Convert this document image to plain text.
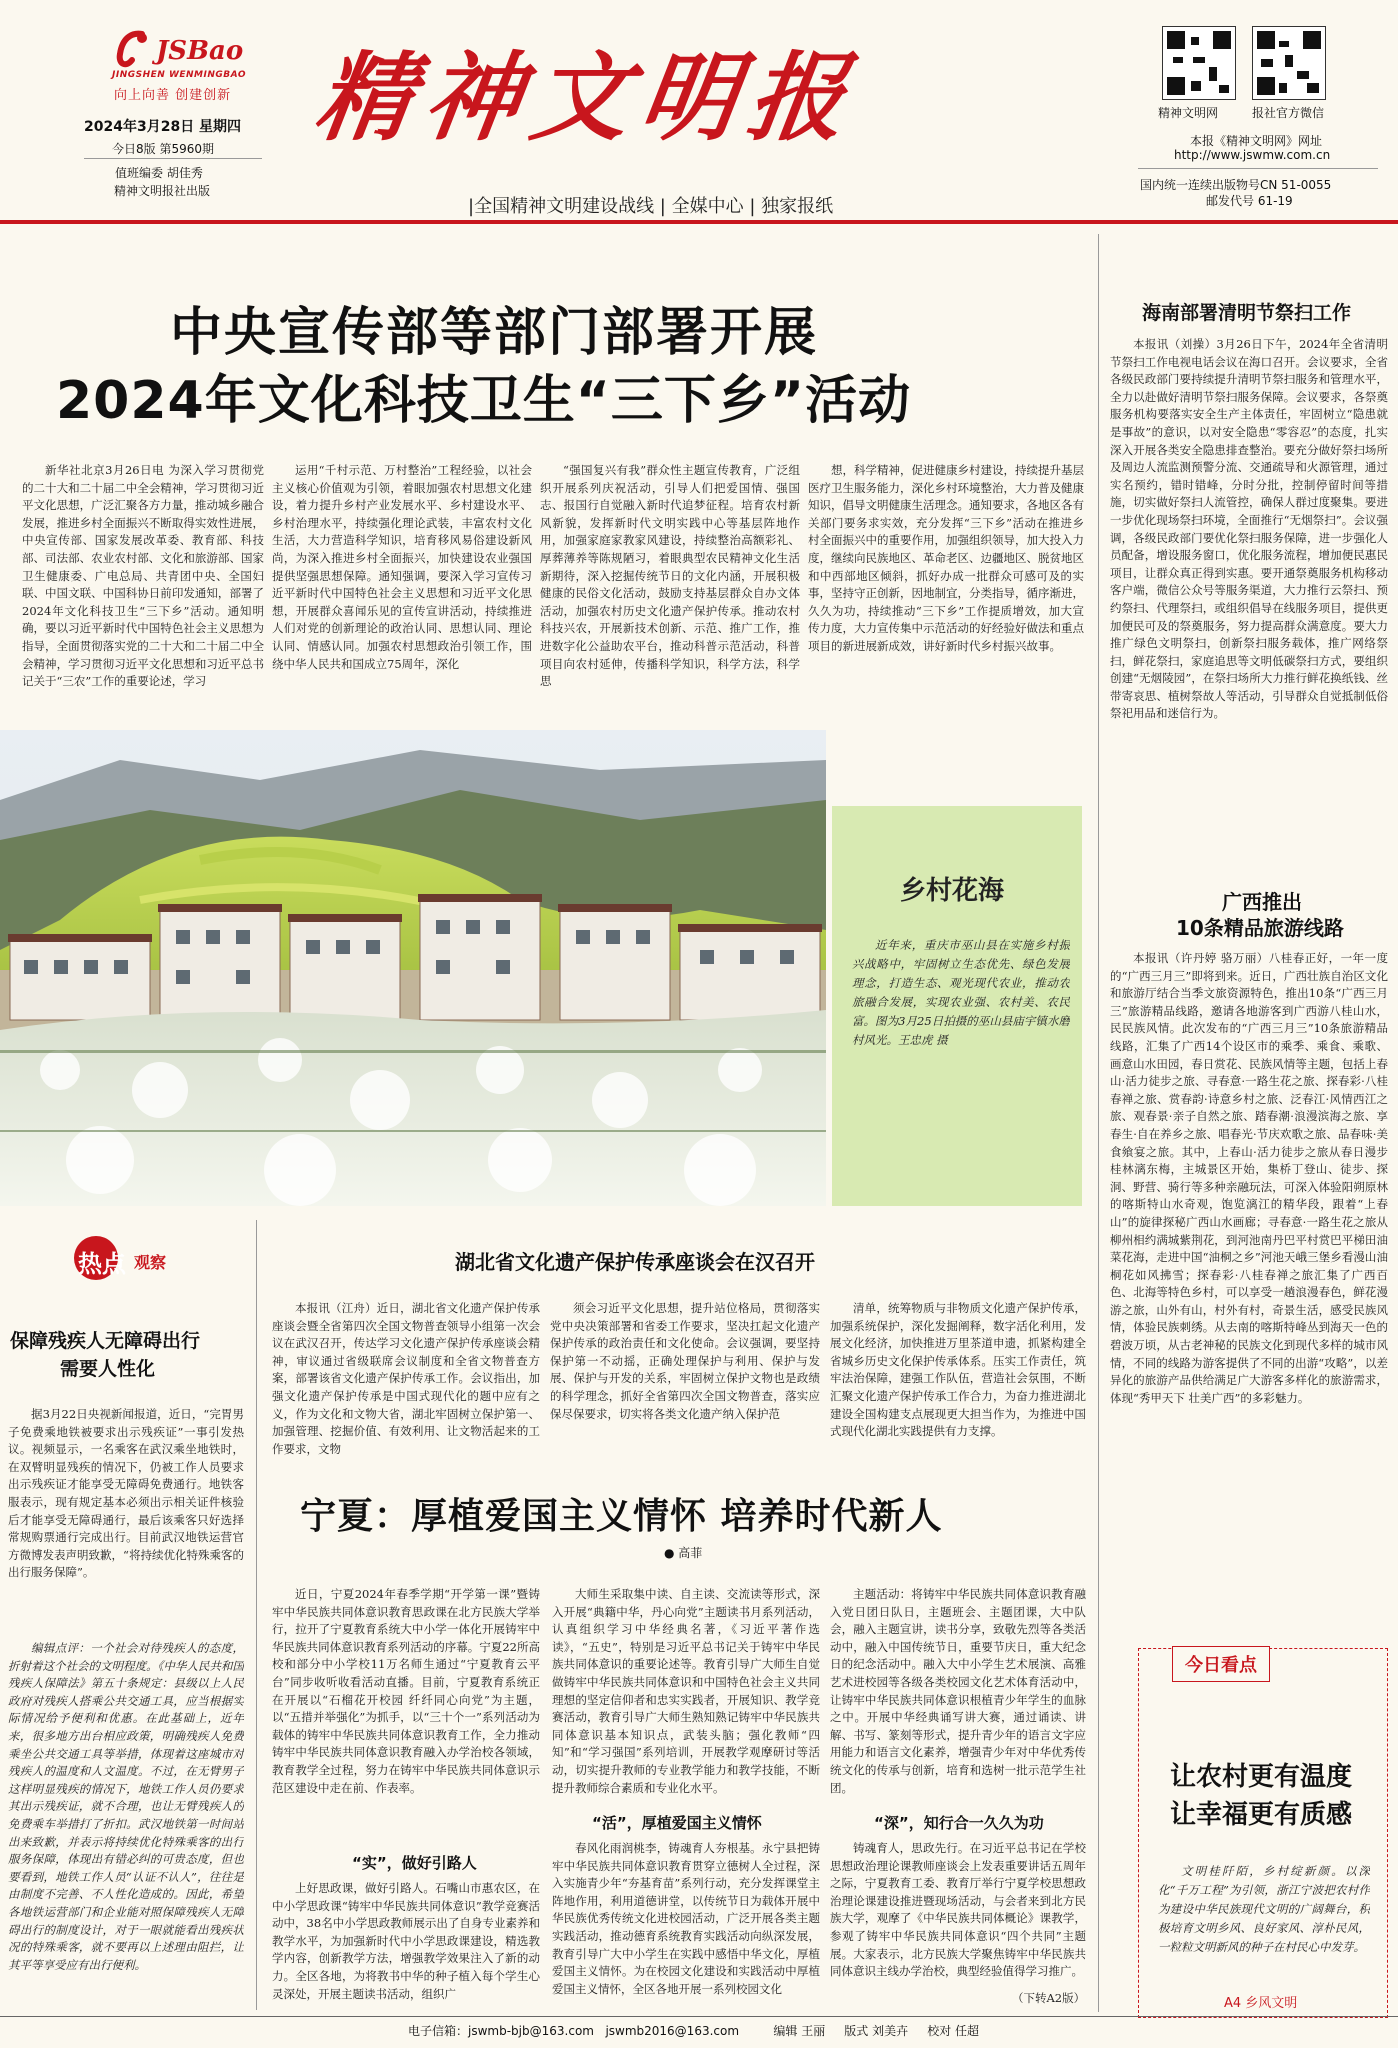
JSBao
JINGSHEN WENMINGBAO
向上向善 创建创新
2024年3月28日 星期四
今日8版 第5960期
值班编委 胡佳秀
精神文明报社出版
精神文明报
|全国精神文明建设战线 | 全媒中心 | 独家报纸
精神文明网	报社官方微信
本报《精神文明网》网址
http://www.jswmw.com.cn
国内统一连续出版物号CN 51-0055
邮发代号 61-19
中央宣传部等部门部署开展
2024年文化科技卫生“三下乡”活动
新华社北京3月26日电 为深入学习贯彻党的二十大和二十届二中全会精神，学习贯彻习近平文化思想，广泛汇聚各方力量，推动城乡融合发展，推进乡村全面振兴不断取得实效性进展，中央宣传部、国家发展改革委、教育部、科技部、司法部、农业农村部、文化和旅游部、国家卫生健康委、广电总局、共青团中央、全国妇联、中国文联、中国科协日前印发通知，部署了2024年文化科技卫生“三下乡”活动。通知明确，要以习近平新时代中国特色社会主义思想为指导，全面贯彻落实党的二十大和二十届二中全会精神，学习贯彻习近平文化思想和习近平总书记关于“三农”工作的重要论述，学习
运用“千村示范、万村整治”工程经验，以社会主义核心价值观为引领，着眼加强农村思想文化建设，着力提升乡村产业发展水平、乡村建设水平、乡村治理水平，持续强化理论武装，丰富农村文化生活，大力营造科学知识，培育移风易俗建设新风尚，为深入推进乡村全面振兴，加快建设农业强国提供坚强思想保障。通知强调，要深入学习宣传习近平新时代中国特色社会主义思想和习近平文化思想，开展群众喜闻乐见的宣传宣讲活动，持续推进人们对党的创新理论的政治认同、思想认同、理论认同、情感认同。加强农村思想政治引领工作，围绕中华人民共和国成立75周年，深化
“强国复兴有我”群众性主题宣传教育，广泛组织开展系列庆祝活动，引导人们把爱国情、强国志、报国行自觉融入新时代追梦征程。培育农村新风新貌，发挥新时代文明实践中心等基层阵地作用，加强家庭家教家风建设，持续整治高额彩礼、厚葬薄养等陈规陋习，着眼典型农民精神文化生活新期待，深入挖掘传统节日的文化内涵，开展积极健康的民俗文化活动，鼓励支持基层群众自办文体活动，加强农村历史文化遗产保护传承。推动农村科技兴农，开展新技术创新、示范、推广工作，推进数字化公益助农平台，推动科普示范活动，科普项目向农村延伸，传播科学知识，科学方法，科学思
想，科学精神，促进健康乡村建设，持续提升基层医疗卫生服务能力，深化乡村环境整治，大力普及健康知识，倡导文明健康生活理念。通知要求，各地区各有关部门要务求实效，充分发挥“三下乡”活动在推进乡村全面振兴中的重要作用，加强组织领导，加大投入力度，继续向民族地区、革命老区、边疆地区、脱贫地区和中西部地区倾斜，抓好办成一批群众可感可及的实事，坚持守正创新，因地制宜，分类指导，循序渐进，久久为功，持续推动“三下乡”工作提质增效，加大宣传力度，大力宣传集中示范活动的好经验好做法和重点项目的新进展新成效，讲好新时代乡村振兴故事。
乡村花海
近年来，重庆市巫山县在实施乡村振兴战略中，牢固树立生态优先、绿色发展理念，打造生态、观光现代农业，推动农旅融合发展，实现农业强、农村美、农民富。图为3月25日拍摄的巫山县庙宇镇水磨村风光。王忠虎 摄
热点 观察
保障残疾人无障碍出行
需要人性化
据3月22日央视新闻报道，近日，“完胃男子免费乘地铁被要求出示残疾证”一事引发热议。视频显示，一名乘客在武汉乘坐地铁时，在双臂明显残疾的情况下，仍被工作人员要求出示残疾证才能享受无障碍免费通行。地铁客服表示，现有规定基本必须出示相关证件核验后才能享受无障碍通行，最后该乘客只好选择常规购票通行完成出行。目前武汉地铁运营官方微博发表声明致歉，“将持续优化特殊乘客的出行服务保障”。
编辑点评：一个社会对待残疾人的态度，折射着这个社会的文明程度。《中华人民共和国残疾人保障法》第五十条规定：县级以上人民政府对残疾人搭乘公共交通工具，应当根据实际情况给予便利和优惠。在此基础上，近年来，很多地方出台相应政策，明确残疾人免费乘坐公共交通工具等举措，体现着这座城市对残疾人的温度和人文温度。不过，在无臂男子这样明显残疾的情况下，地铁工作人员仍要求其出示残疾证，就不合理，也让无臂残疾人的免费乘车举措打了折扣。武汉地铁第一时间站出来致歉，并表示将持续优化特殊乘客的出行服务保障，体现出有错必纠的可贵态度，但也要看到，地铁工作人员“认证不认人”，往往是由制度不完善、不人性化造成的。因此，希望各地铁运营部门和企业能对照保障残疾人无障碍出行的制度设计，对于一眼就能看出残疾状况的特殊乘客，就不要再以上述理由阻拦，让其平等享受应有出行便利。
湖北省文化遗产保护传承座谈会在汉召开
本报讯（江舟）近日，湖北省文化遗产保护传承座谈会暨全省第四次全国文物普查领导小组第一次会议在武汉召开，传达学习文化遗产保护传承座谈会精神，审议通过省级联席会议制度和全省文物普查方案，部署该省文化遗产保护传承工作。会议指出，加强文化遗产保护传承是中国式现代化的题中应有之义，作为文化和文物大省，湖北牢固树立保护第一、加强管理、挖掘价值、有效利用、让文物活起来的工作要求，文物
须会习近平文化思想，提升站位格局，贯彻落实党中央决策部署和省委工作要求，坚决扛起文化遗产保护传承的政治责任和文化使命。会议强调，要坚持保护第一不动摇，正确处理保护与利用、保护与发展、保护与开发的关系，牢固树立保护文物也是政绩的科学理念，抓好全省第四次全国文物普查，落实应保尽保要求，切实将各类文化遗产纳入保护范
清单，统筹物质与非物质文化遗产保护传承，加强系统保护，深化发掘阐释，数字活化利用，发展文化经济，加快推进万里茶道申遗，抓紧构建全省城乡历史文化保护传承体系。压实工作责任，筑牢法治保障，建强工作队伍，营造社会氛围，不断汇聚文化遗产保护传承工作合力，为奋力推进湖北建设全国构建支点展现更大担当作为，为推进中国式现代化湖北实践提供有力支撑。
宁夏：厚植爱国主义情怀 培养时代新人
● 高菲
近日，宁夏2024年春季学期“开学第一课”暨铸牢中华民族共同体意识教育思政课在北方民族大学举行，拉开了宁夏教育系统大中小学一体化开展铸牢中华民族共同体意识教育系列活动的序幕。宁夏22所高校和部分中小学校11万名师生通过“宁夏教育云平台”同步收听收看活动直播。目前，宁夏教育系统正在开展以“石榴花开校园 纤纤同心向党”为主题，以“五措并举强化”为抓手，以“三十个一”系列活动为载体的铸牢中华民族共同体意识教育工作，全力推动铸牢中华民族共同体意识教育融入办学治校各领域，教育教学全过程，努力在铸牢中华民族共同体意识示范区建设中走在前、作表率。
“实”，做好引路人
上好思政课，做好引路人。石嘴山市惠农区，在中小学思政课“铸牢中华民族共同体意识”教学竞赛活动中，38名中小学思政教师展示出了自身专业素养和教学水平，为加强新时代中小学思政课建设，精选教学内容，创新教学方法，增强教学效果注入了新的动力。全区各地，为将教书中华的种子植入每个学生心灵深处，开展主题读书活动，组织广
大师生采取集中读、自主读、交流读等形式，深入开展“典籍中华，丹心向党”主题读书月系列活动，认真组织学习中华经典名著，《习近平著作选读》，“五史”，特别是习近平总书记关于铸牢中华民族共同体意识的重要论述等。教育引导广大师生自觉做铸牢中华民族共同体意识和中国特色社会主义共同理想的坚定信仰者和忠实实践者，开展知识、教学竞赛活动，教育引导广大师生熟知熟记铸牢中华民族共同体意识基本知识点，武装头脑；强化教师“四知”和“学习强国”系列培训，开展教学观摩研讨等活动，切实提升教师的专业教学能力和教学技能，不断提升教师综合素质和专业化水平。
“活”，厚植爱国主义情怀
春风化雨润桃李，铸魂育人夯根基。永宁县把铸牢中华民族共同体意识教育贯穿立德树人全过程，深入实施青少年“夯基育苗”系列行动，充分发挥课堂主阵地作用，利用道德讲堂，以传统节日为载体开展中华民族优秀传统文化进校园活动，广泛开展各类主题实践活动，推动德育系统教育实践活动向纵深发展，教育引导广大中小学生在实践中感悟中华文化，厚植爱国主义情怀。为在校园文化建设和实践活动中厚植爱国主义情怀，全区各地开展一系列校园文化
主题活动：将铸牢中华民族共同体意识教育融入党日团日队日，主题班会、主题团课，大中队会，融入主题宣讲，读书分享，致敬先烈等各类活动中，融入中国传统节日，重要节庆日，重大纪念日的纪念活动中。融入大中小学生艺术展演、高雅艺术进校园等各级各类校园文化艺术体育活动中，让铸牢中华民族共同体意识根植青少年学生的血脉之中。开展中华经典诵写讲大赛，通过诵读、讲解、书写、篆刻等形式，提升青少年的语言文字应用能力和语言文化素养，增强青少年对中华优秀传统文化的传承与创新，培育和选树一批示范学生社团。
“深”，知行合一久久为功
铸魂育人，思政先行。在习近平总书记在学校思想政治理论课教师座谈会上发表重要讲话五周年之际，宁夏教育工委、教育厅举行宁夏学校思想政治理论课建设推进暨现场活动，与会者来到北方民族大学，观摩了《中华民族共同体概论》课教学，参观了铸牢中华民族共同体意识“四个共同”主题展。大家表示，北方民族大学聚焦铸牢中华民族共同体意识主线办学治校，典型经验值得学习推广。
（下转A2版）
海南部署清明节祭扫工作
本报讯（刘操）3月26日下午，2024年全省清明节祭扫工作电视电话会议在海口召开。会议要求，全省各级民政部门要持续提升清明节祭扫服务和管理水平，全力以赴做好清明节祭扫服务保障。会议要求，各祭奠服务机构要落实安全生产主体责任，牢固树立“隐患就是事故”的意识，以对安全隐患“零容忍”的态度，扎实深入开展各类安全隐患排查整治。要充分做好祭扫场所及周边人流监测预警分流、交通疏导和火源管理，通过实名预约，错时错峰，分时分批，控制停留时间等措施，切实做好祭扫人流管控，确保人群过度聚集。要进一步优化现场祭扫环境，全面推行“无烟祭扫”。会议强调，各级民政部门要优化祭扫服务保障，进一步强化人员配备，增设服务窗口，优化服务流程，增加便民惠民项目，让群众真正得到实惠。要开通祭奠服务机构移动客户端，微信公众号等服务渠道，大力推行云祭扫、预约祭扫、代理祭扫，或组织倡导在线服务项目，提供更加便民可及的祭奠服务，努力提高群众满意度。要大力推广绿色文明祭扫，创新祭扫服务载体，推广网络祭扫，鲜花祭扫，家庭追思等文明低碳祭扫方式，要组织创建“无烟陵园”，在祭扫场所大力推行鲜花换纸钱、丝带寄哀思、植树祭故人等活动，引导群众自觉抵制低俗祭祀用品和迷信行为。
广西推出
10条精品旅游线路
本报讯（许丹婷 骆万丽）八桂春正好，一年一度的“广西三月三”即将到来。近日，广西壮族自治区文化和旅游厅结合当季文旅资源特色，推出10条“广西三月三”旅游精品线路，邀请各地游客到广西游八桂山水，民民族风情。此次发布的“广西三月三”10条旅游精品线路，汇集了广西14个设区市的乘季、乘食、乘歌、画意山水田园，春日赏花、民族风情等主题，包括上春山·活力徒步之旅、寻春意·一路生花之旅、探春彩·八桂春禅之旅、赏春韵·诗意乡村之旅、泛春江·风情西江之旅、观春景·亲子自然之旅、踏春潮·浪漫滨海之旅、享春生·自在养乡之旅、唱春光·节庆欢歌之旅、品春味·美食飨宴之旅。其中，上春山·活力徒步之旅从春日漫步桂林漓东梅，主城景区开始，集桥丁登山、徒步、探洞、野营、骑行等多种亲融玩法，可深入体验阳朔原林的喀斯特山水奇观，饱览漓江的精华段，跟着“上春山”的旋律探秘广西山水画廊；寻春意·一路生花之旅从柳州相约满城紫荆花，到河池南丹巴平村赏巴平梯田油菜花海，走进中国“油桐之乡”河池天峨三堡乡看漫山油桐花如风拂雪；探春彩·八桂春禅之旅汇集了广西百色、北海等特色乡村，可以享受一趟浪漫春色，鲜花漫游之旅，山外有山，村外有村，奇景生活，感受民族风情，体验民族刺绣。从去南的喀斯特峰丛到海天一色的碧波万顷，从古老神秘的民族文化到现代多样的城市风情，不同的线路为游客提供了不同的出游“攻略”，以差异化的旅游产品供给满足广大游客多样化的旅游需求，体现“秀甲天下 壮美广西”的多彩魅力。
今日看点
让农村更有温度
让幸福更有质感
文明桂阡陌，乡村绽新颜。以深化“千万工程”为引领，浙江宁波把农村作为建设中华民族现代文明的广阔舞台，积极培育文明乡风、良好家风、淳朴民风，一粒粒文明新风的种子在村民心中发芽。
A4 乡风文明
电子信箱：jswmb-bjb@163.com jswmb2016@163.com	编辑 王丽 版式 刘美卉 校对 任超
